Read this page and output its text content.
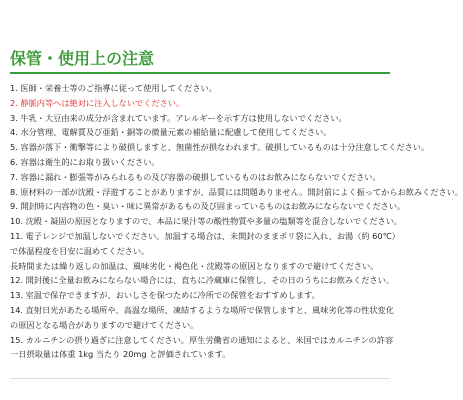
保管・使用上の注意
1. 医師・栄養士等のご指導に従って使用してください。
2. 静脈内等へは絶対に注入しないでください。
3. 牛乳・大豆由来の成分が含まれています。アレルギーを示す方は使用しないでください。
4. 水分管理、電解質及び亜鉛・銅等の微量元素の補給量に配慮して使用してください。
5. 容器が落下・衝撃等により破損しますと、無菌性が損なわれます。破損しているものは十分注意してください。
6. 容器は衛生的にお取り扱いください。
7. 容器に漏れ・膨張等がみられるもの及び容器の破損しているものはお飲みにならないでください。
8. 原材料の一部が沈殿・浮遊することがありますが、品質には問題ありません。開封前によく振ってからお飲みください。
9. 開封時に内容物の色・臭い・味に異常があるもの及び固まっているものはお飲みにならないでください。
10. 沈殿・凝固の原因となりますので、本品に果汁等の酸性物質や多量の塩類等を混合しないでください。
11. 電子レンジで加温しないでください。加温する場合は、未開封のままポリ袋に入れ、お湯（約 60℃）
で体温程度を目安に温めてください。
長時間または繰り返しの加温は、風味劣化・褐色化・沈殿等の原因となりますので避けてください。
12. 開封後に全量お飲みにならない場合には、直ちに冷蔵庫に保管し、その日のうちにお飲みください。
13. 室温で保存できますが、おいしさを保つために冷所での保管をおすすめします。
14. 直射日光があたる場所や、高温な場所、凍結するような場所で保管しますと、風味劣化等の性状変化
の原因となる場合がありますので避けてください。
15. カルニチンの摂り過ぎに注意してください。厚生労働省の通知によると、米国ではカルニチンの許容
一日摂取量は体重 1kg 当たり 20mg と評価されています。
